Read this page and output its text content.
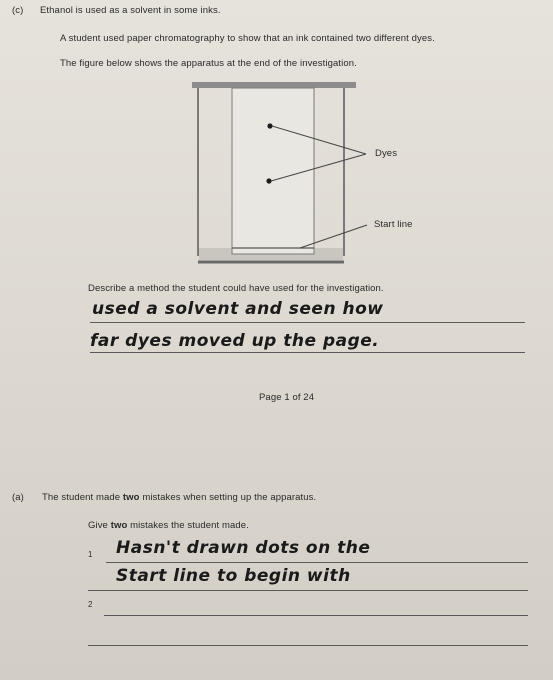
(c) Ethanol is used as a solvent in some inks.
A student used paper chromatography to show that an ink contained two different dyes.
The figure below shows the apparatus at the end of the investigation.
Dyes
Start line
Describe a method the student could have used for the investigation.
used a solvent and seen how
far dyes moved up the page.
Page 1 of 24
(a) The student made two mistakes when setting up the apparatus.
Give two mistakes the student made.
1 Hasn't drawn dots on the
Start line to begin with
2
